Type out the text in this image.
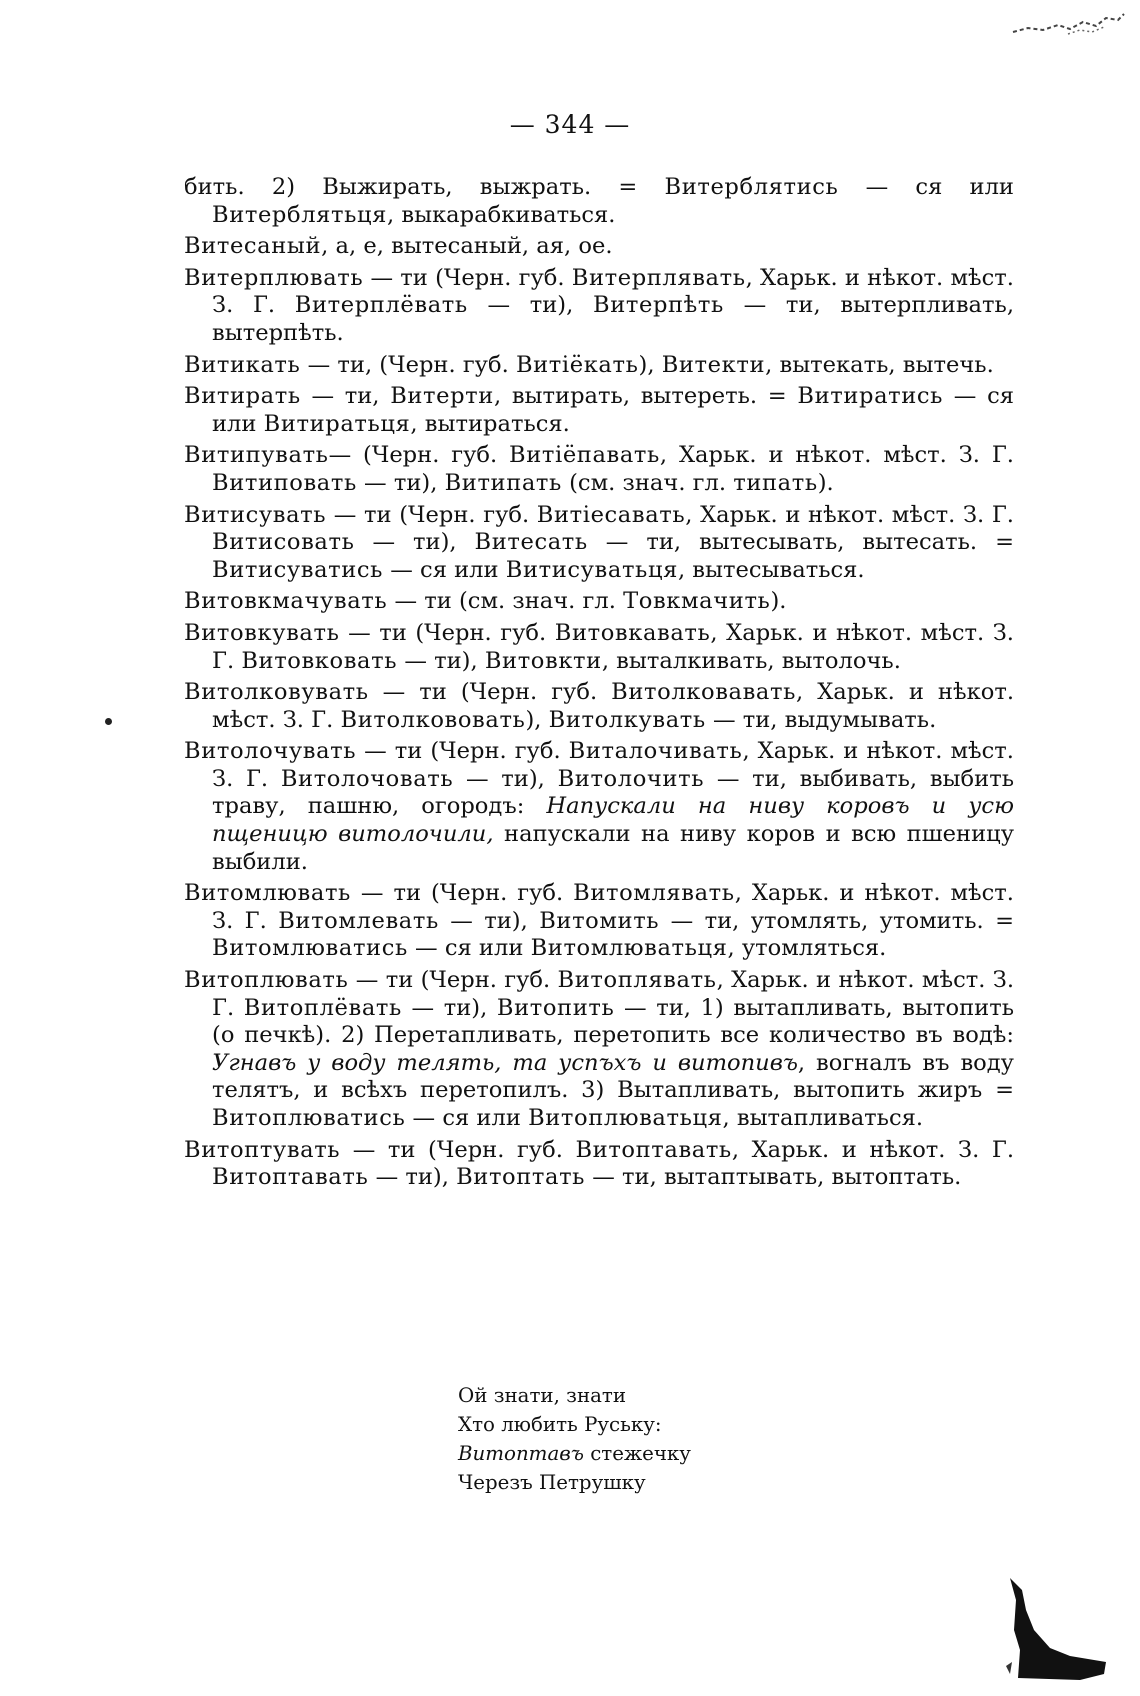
— 344 —

бить. 2) Выжирать, выжрать. = Витерблятись — ся или Витерблятьця, выкарабкиваться.

Витесаный, а, е, вытесаный, ая, ое.

Витерплювать — ти (Черн. губ. Витерплявать, Харьк. и нѣкот. мѣст. З. Г. Витерплёвать — ти), Витерпѣть — ти, вытерпливать, вытерпѣть.

Витикать — ти, (Черн. губ. Витiёкать), Витекти, вытекать, вытечь.

Витирать — ти, Витерти, вытирать, вытереть. = Витиратись — ся или Витиратьця, вытираться.

Витипувать— (Черн. губ. Витiёпавать, Харьк. и нѣкот. мѣст. З. Г. Витиповать — ти), Витипать (см. знач. гл. типать).

Витисувать — ти (Черн. губ. Витiесавать, Харьк. и нѣкот. мѣст. З. Г. Витисовать — ти), Витесать — ти, вытесывать, вытесать. = Витисуватись — ся или Витисуватьця, вытесываться.

Витовкмачувать — ти (см. знач. гл. Товкмачить).

Витовкувать — ти (Черн. губ. Витовкавать, Харьк. и нѣкот. мѣст. З. Г. Витовковать — ти), Витовкти, выталкивать, вытолочь.

Витолковувать — ти (Черн. губ. Витолковавать, Харьк. и нѣкот. мѣст. З. Г. Витолкововать), Витолкувать — ти, выдумывать.

Витолочувать — ти (Черн. губ. Виталочивать, Харьк. и нѣкот. мѣст. З. Г. Витолочовать — ти), Витолочить — ти, выбивать, выбить траву, пашню, огородъ: Напускали на ниву коровъ и усю пщеницю витолочили, напускали на ниву коров и всю пшеницу выбили.

Витомлювать — ти (Черн. губ. Витомлявать, Харьк. и нѣкот. мѣст. З. Г. Витомлевать — ти), Витомить — ти, утомлять, утомить. = Витомлюватись — ся или Витомлюватьця, утомляться.

Витоплювать — ти (Черн. губ. Витоплявать, Харьк. и нѣкот. мѣст. З. Г. Витоплёвать — ти), Витопить — ти, 1) вытапливать, вытопить (о печкѣ). 2) Перетапливать, перетопить все количество въ водѣ: Угнавъ у воду телять, та успъхъ и витопивъ, вогналъ въ воду телятъ, и всѣхъ перетопилъ. 3) Вытапливать, вытопить жиръ = Витоплюватись — ся или Витоплюватьця, вытапливаться.

Витоптувать — ти (Черн. губ. Витоптавать, Харьк. и нѣкот. З. Г. Витоптавать — ти), Витоптать — ти, вытаптывать, вытоптать.

Ой знати, знати
Хто любить Руську:
Витоптавъ стежечку
Черезъ Петрушку
